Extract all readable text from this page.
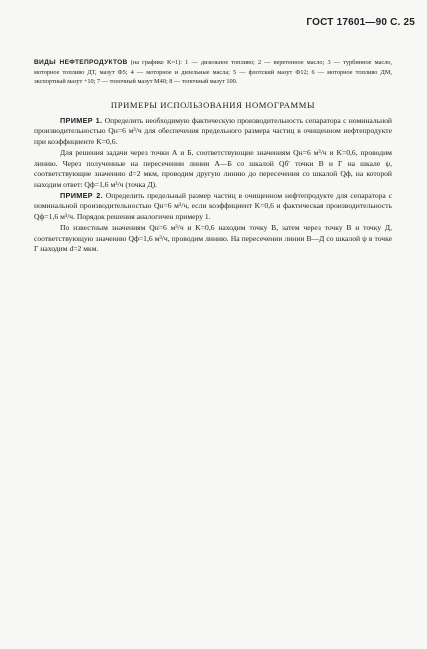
ГОСТ 17601—90 С. 25

ВИДЫ НЕФТЕПРОДУКТОВ (на графике K=1): 1 — дизельное топливо; 2 — веретенное масло; 3 — турбинное масло, моторное топливо ДТ, мазут Ф5; 4 — моторное и дизельные масла; 5 — флотский мазут Ф12; 6 — моторное топливо ДМ, экспортный мазут +10; 7 — топочный мазут М40; 8 — топочный мазут 100.

ПРИМЕРЫ ИСПОЛЬЗОВАНИЯ НОМОГРАММЫ

ПРИМЕР 1. Определить необходимую фактическую производительность сепаратора с номинальной производительностью Qн=6 м³/ч для обеспечения предельного размера частиц в очищенном нефтепродукте при коэффициенте K=0,6.

Для решения задачи через точки А и Б, соответствующие значениям Qн=6 м³/ч и K=0,6, проводим линию. Через полученные на пересечении линии А—Б со шкалой Qб′ точки В и Г на шкале ψ, соответствующие значению d=2 мкм, проводим другую линию до пересечения со шкалой Qф, на которой находим ответ: Qф=1,6 м³/ч (точка Д).

ПРИМЕР 2. Определить предельный размер частиц в очищенном нефтепродукте для сепаратора с номинальной производительностью Qн=6 м³/ч, если коэффициент K=0,6 и фактическая производительность Qф=1,6 м³/ч. Порядок решения аналогичен примеру 1.

По известным значениям Qн=6 м³/ч и K=0,6 находим точку В, затем через точку В и точку Д, соответствующую значению Qф=1,6 м³/ч, проводим линию. На пересечении линии В—Д со шкалой ψ в точке Г находим d=2 мкм.
